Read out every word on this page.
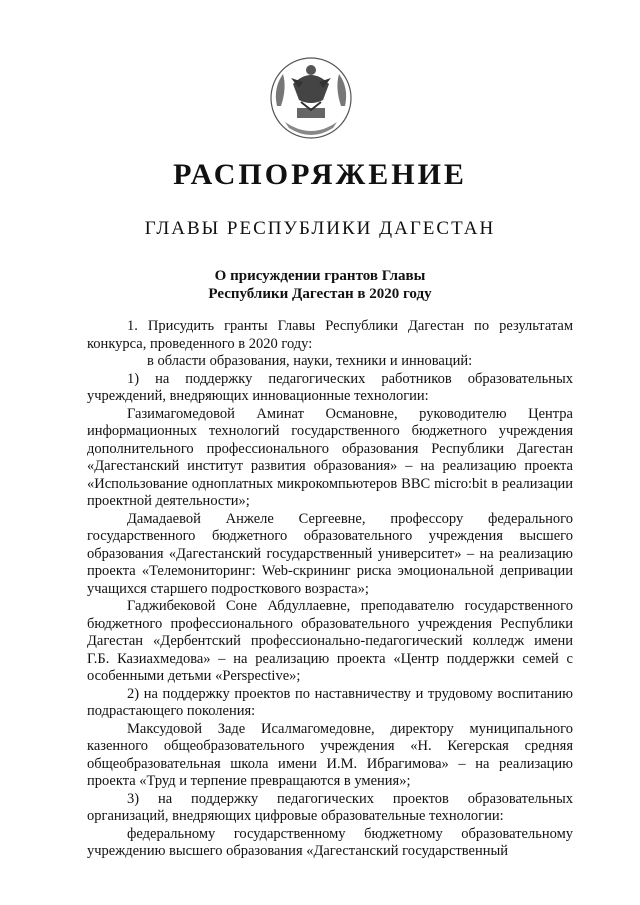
РАСПОРЯЖЕНИЕ
ГЛАВЫ РЕСПУБЛИКИ ДАГЕСТАН
О присуждении грантов Главы
Республики Дагестан в 2020 году

1. Присудить гранты Главы Республики Дагестан по результатам конкурса, проведенного в 2020 году:

в области образования, науки, техники и инноваций:

1) на поддержку педагогических работников образовательных учреждений, внедряющих инновационные технологии:

Газимагомедовой Аминат Османовне, руководителю Центра информационных технологий государственного бюджетного учреждения дополнительного профессионального образования Республики Дагестан «Дагестанский институт развития образования» – на реализацию проекта «Использование одноплатных микрокомпьютеров BBC micro:bit в реализации проектной деятельности»;

Дамадаевой Анжеле Сергеевне, профессору федерального государственного бюджетного образовательного учреждения высшего образования «Дагестанский государственный университет» – на реализацию проекта «Телемониторинг: Web-скрининг риска эмоциональной депривации учащихся старшего подросткового возраста»;

Гаджибековой Соне Абдуллаевне, преподавателю государственного бюджетного профессионального образовательного учреждения Республики Дагестан «Дербентский профессионально-педагогический колледж имени Г.Б. Казиахмедова» – на реализацию проекта «Центр поддержки семей с особенными детьми «Perspective»;

2) на поддержку проектов по наставничеству и трудовому воспитанию подрастающего поколения:

Максудовой Заде Исалмагомедовне, директору муниципального казенного общеобразовательного учреждения «Н. Кегерская средняя общеобразовательная школа имени И.М. Ибрагимова» – на реализацию проекта «Труд и терпение превращаются в умения»;

3) на поддержку педагогических проектов образовательных организаций, внедряющих цифровые образовательные технологии:

федеральному государственному бюджетному образовательному учреждению высшего образования «Дагестанский государственный
